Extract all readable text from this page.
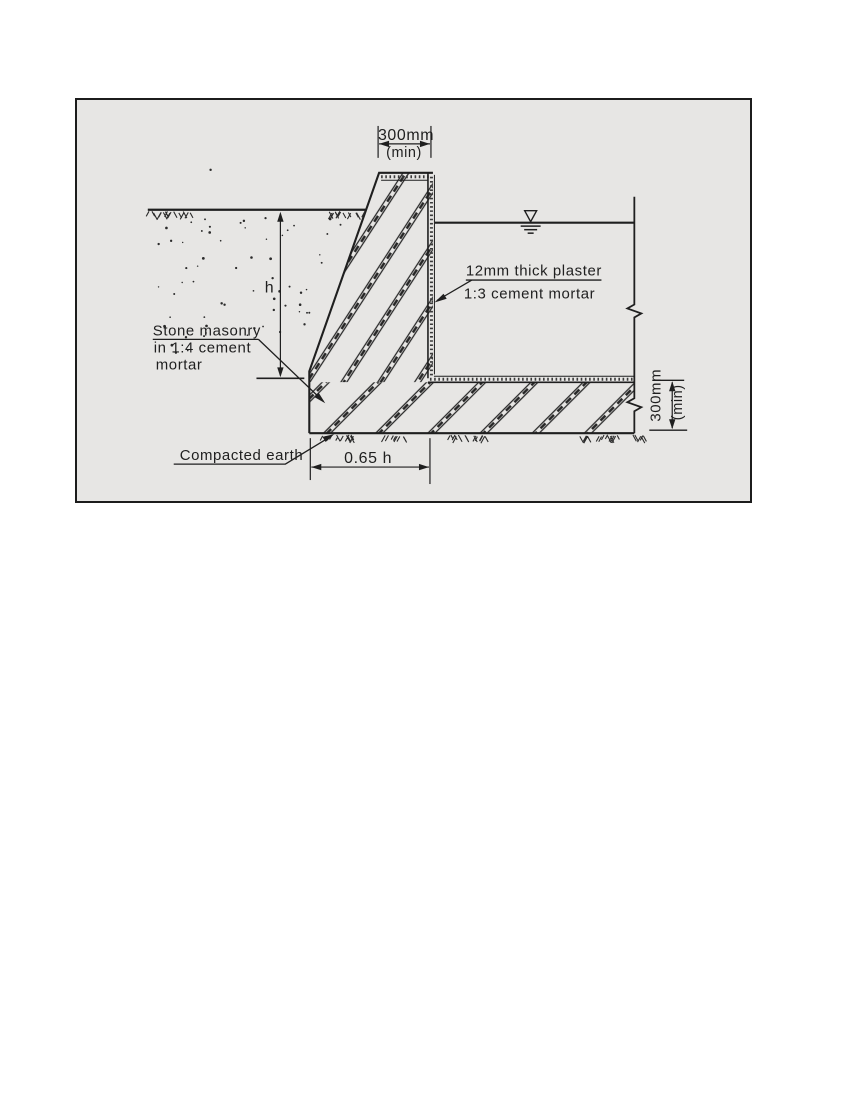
300mm
(min)
h
0.65 h
300mm (min)
12mm thick plaster
1:3 cement mortar
Stone masonry
in 1:4 cement
mortar
Compacted earth
